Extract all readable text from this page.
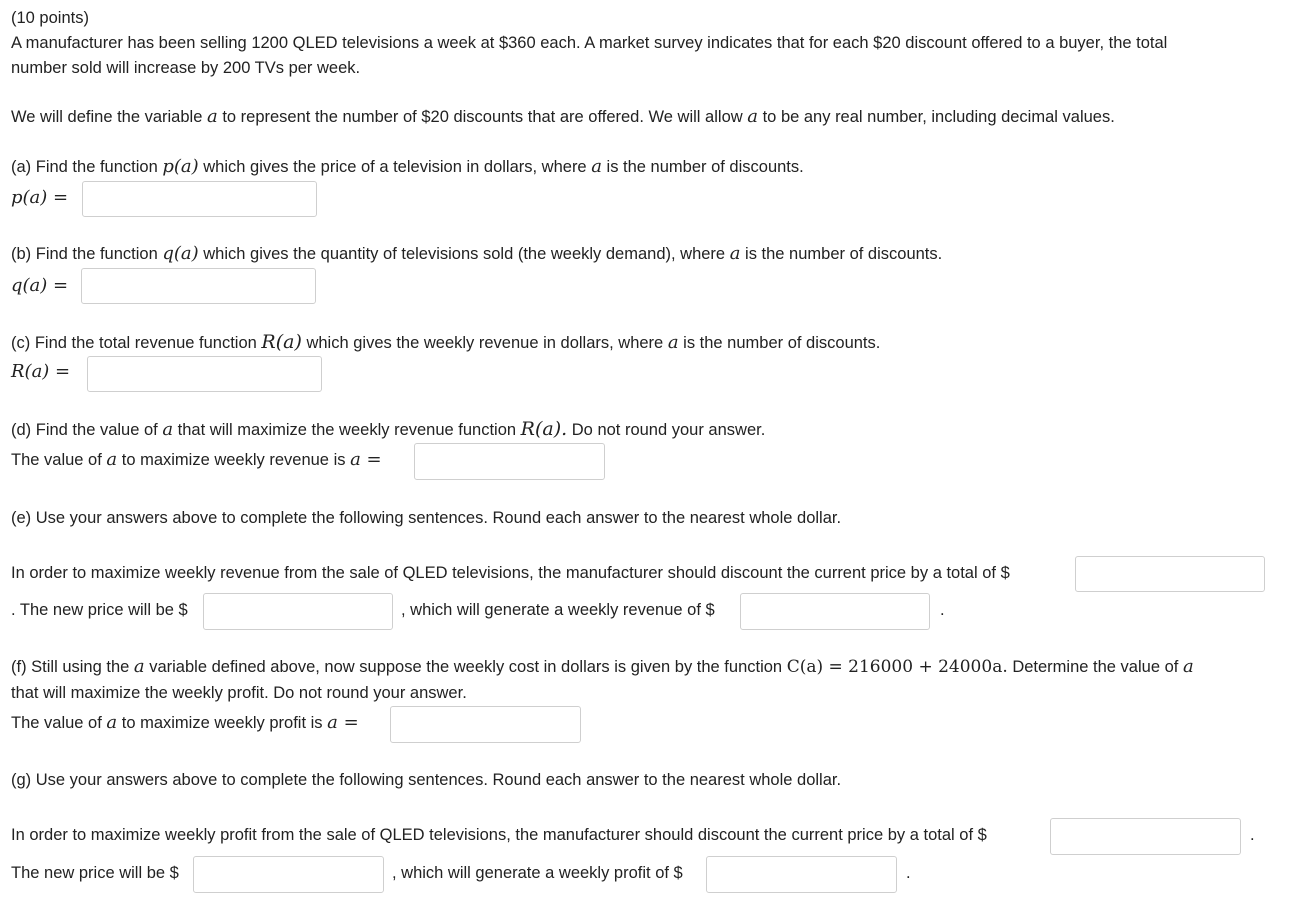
(10 points)
A manufacturer has been selling 1200 QLED televisions a week at $360 each. A market survey indicates that for each $20 discount offered to a buyer, the total
number sold will increase by 200 TVs per week.
We will define the variable a to represent the number of $20 discounts that are offered. We will allow a to be any real number, including decimal values.
(a) Find the function p(a) which gives the price of a television in dollars, where a is the number of discounts.
p(a) =
(b) Find the function q(a) which gives the quantity of televisions sold (the weekly demand), where a is the number of discounts.
q(a) =
(c) Find the total revenue function R(a) which gives the weekly revenue in dollars, where a is the number of discounts.
R(a) =
(d) Find the value of a that will maximize the weekly revenue function R(a). Do not round your answer.
The value of a to maximize weekly revenue is a =
(e) Use your answers above to complete the following sentences. Round each answer to the nearest whole dollar.
In order to maximize weekly revenue from the sale of QLED televisions, the manufacturer should discount the current price by a total of $
. The new price will be $	, which will generate a weekly revenue of $	.
(f) Still using the a variable defined above, now suppose the weekly cost in dollars is given by the function C(a) = 216000 + 24000a. Determine the value of a
that will maximize the weekly profit. Do not round your answer.
The value of a to maximize weekly profit is a =
(g) Use your answers above to complete the following sentences. Round each answer to the nearest whole dollar.
In order to maximize weekly profit from the sale of QLED televisions, the manufacturer should discount the current price by a total of $	.
The new price will be $	, which will generate a weekly profit of $	.
